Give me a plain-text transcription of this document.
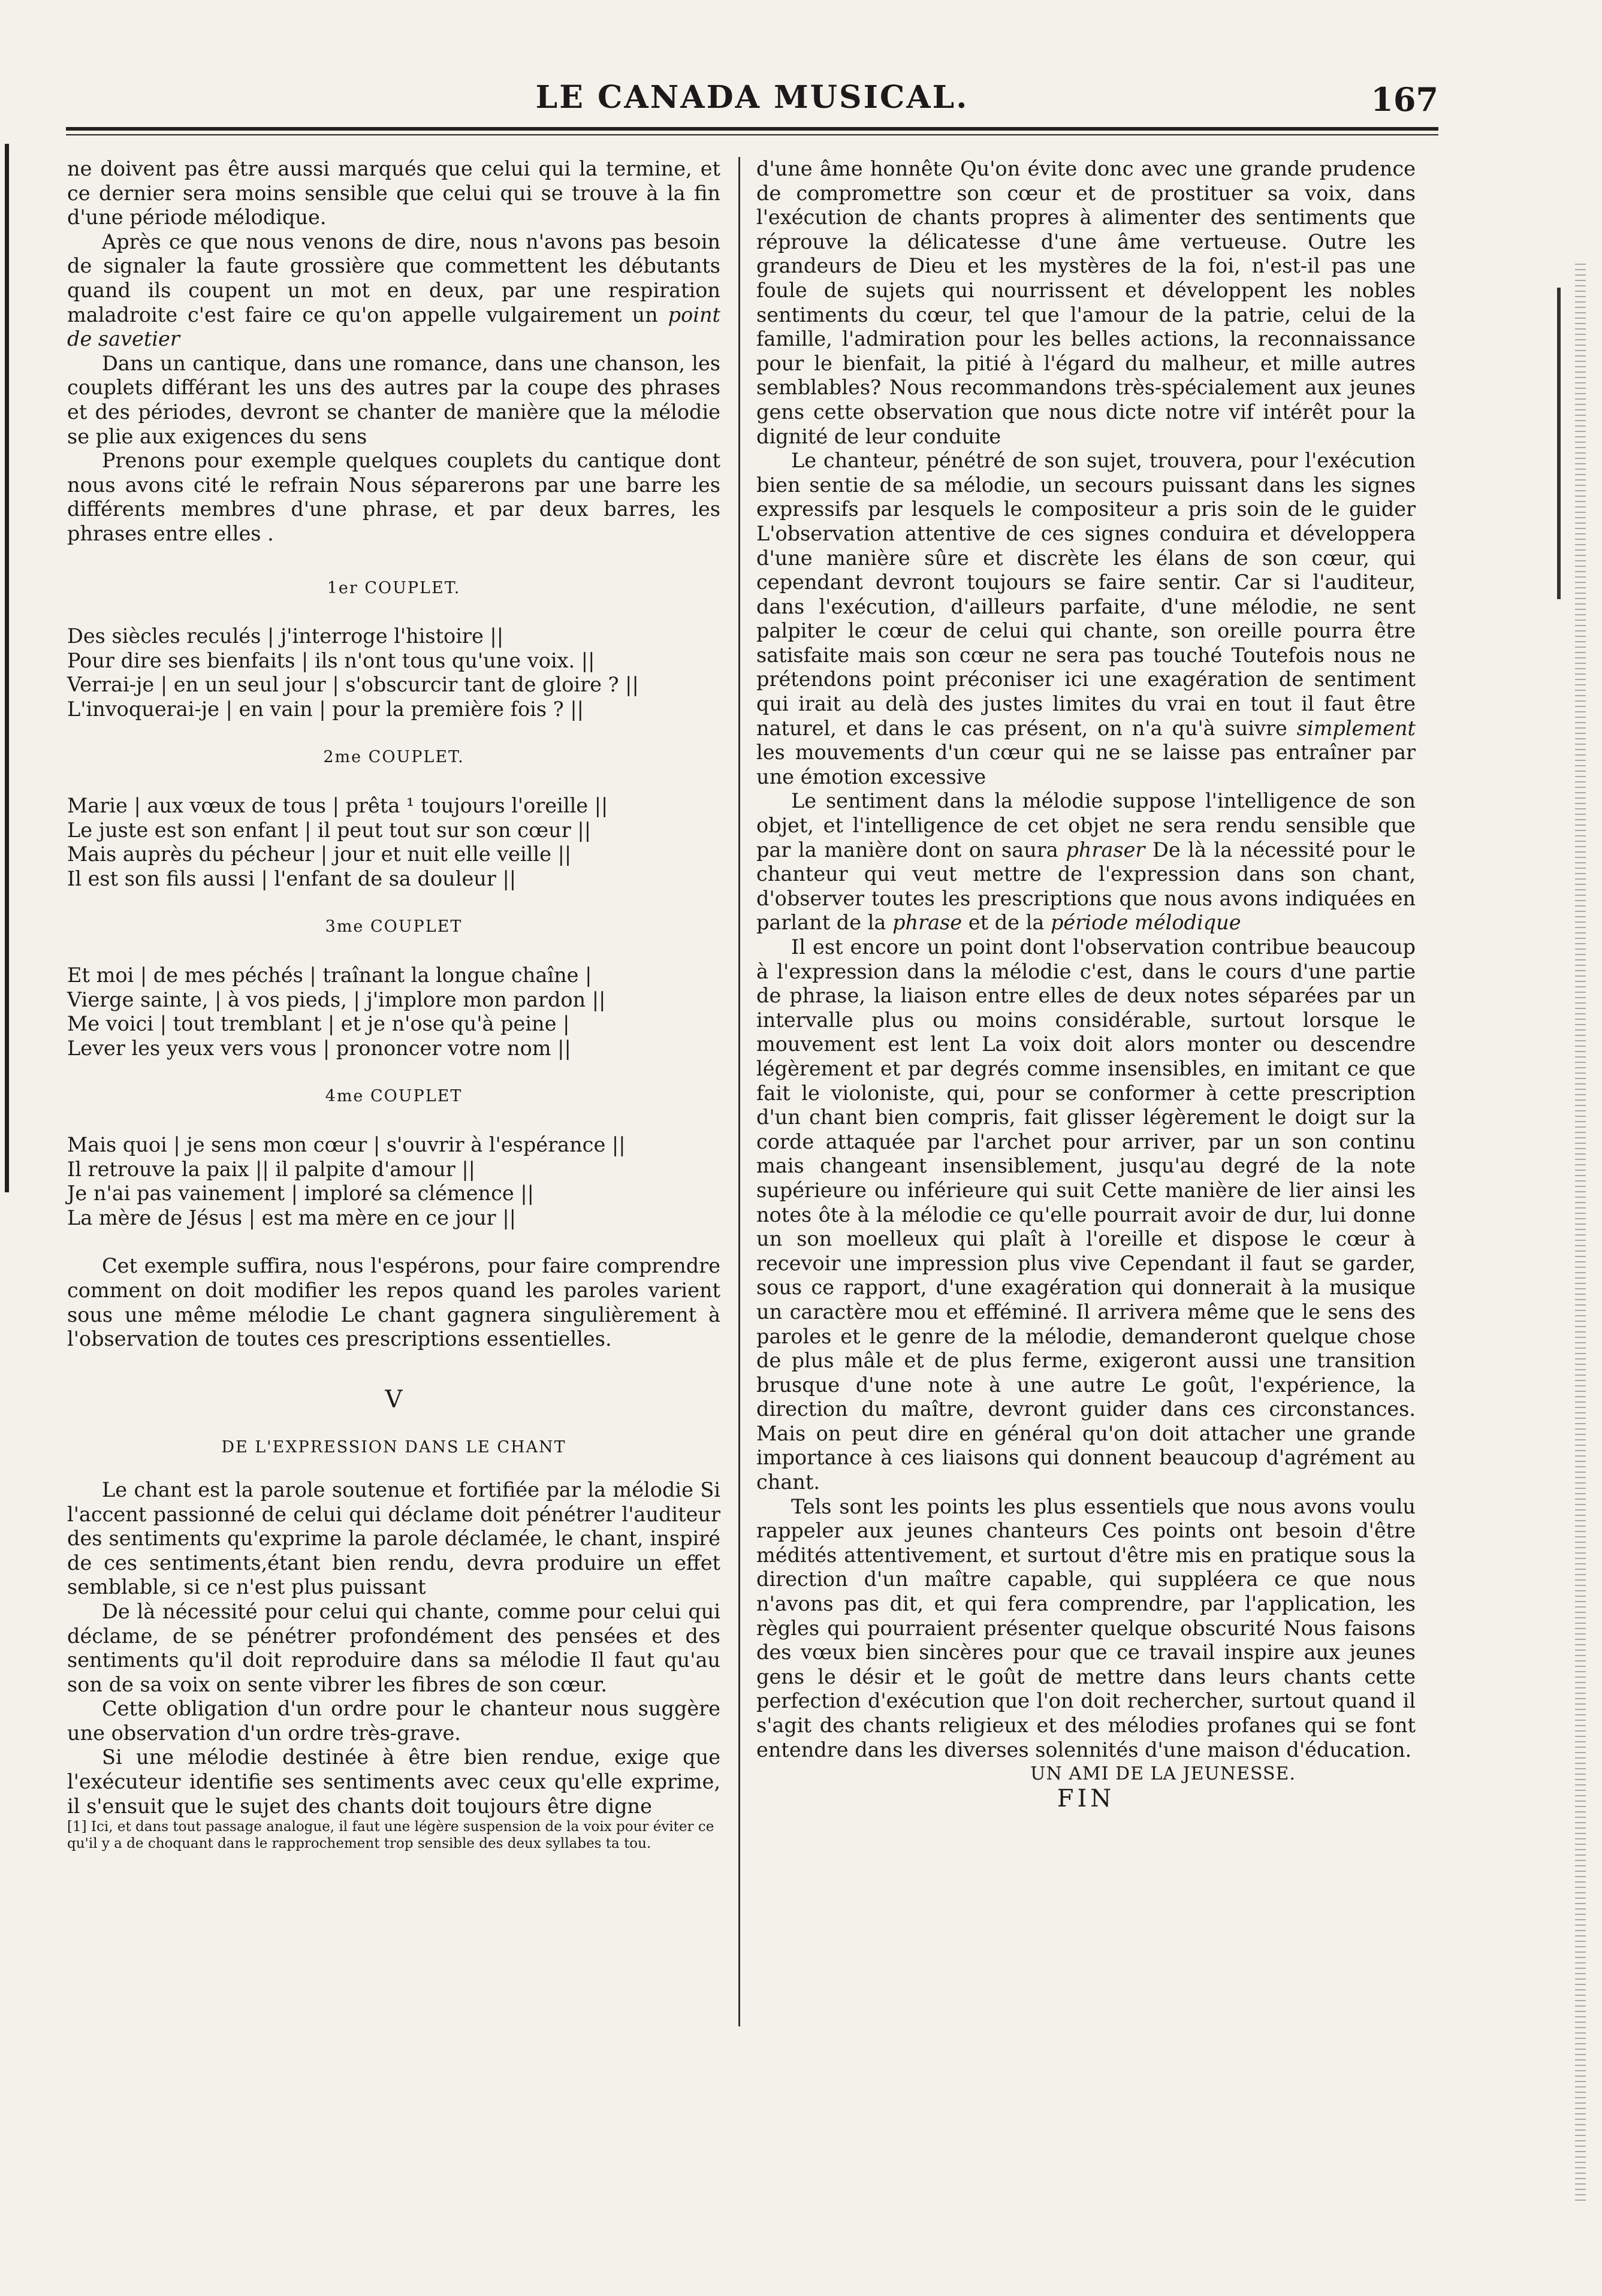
LE CANADA MUSICAL.	167

ne doivent pas être aussi marqués que celui qui la termine, et ce dernier sera moins sensible que celui qui se trouve à la fin d'une période mélodique.

Après ce que nous venons de dire, nous n'avons pas besoin de signaler la faute grossière que commettent les débutants quand ils coupent un mot en deux, par une respiration maladroite c'est faire ce qu'on appelle vulgairement un point de savetier

Dans un cantique, dans une romance, dans une chanson, les couplets différant les uns des autres par la coupe des phrases et des périodes, devront se chanter de manière que la mélodie se plie aux exigences du sens

Prenons pour exemple quelques couplets du cantique dont nous avons cité le refrain Nous séparerons par une barre les différents membres d'une phrase, et par deux barres, les phrases entre elles .

1er COUPLET.

Des siècles reculés | j'interroge l'histoire ||
Pour dire ses bienfaits | ils n'ont tous qu'une voix. ||
Verrai-je | en un seul jour | s'obscurcir tant de gloire ? ||
L'invoquerai-je | en vain | pour la première fois ? ||

2me COUPLET.

Marie | aux vœux de tous | prêta ¹ toujours l'oreille ||
Le juste est son enfant | il peut tout sur son cœur ||
Mais auprès du pécheur | jour et nuit elle veille ||
Il est son fils aussi | l'enfant de sa douleur ||

3me COUPLET

Et moi | de mes péchés | traînant la longue chaîne |
Vierge sainte, | à vos pieds, | j'implore mon pardon ||
Me voici | tout tremblant | et je n'ose qu'à peine |
Lever les yeux vers vous | prononcer votre nom ||

4me COUPLET

Mais quoi | je sens mon cœur | s'ouvrir à l'espérance ||
Il retrouve la paix || il palpite d'amour ||
Je n'ai pas vainement | imploré sa clémence ||
La mère de Jésus | est ma mère en ce jour ||

Cet exemple suffira, nous l'espérons, pour faire comprendre comment on doit modifier les repos quand les paroles varient sous une même mélodie Le chant gagnera singulièrement à l'observation de toutes ces prescriptions essentielles.

V

DE L'EXPRESSION DANS LE CHANT

Le chant est la parole soutenue et fortifiée par la mélodie Si l'accent passionné de celui qui déclame doit pénétrer l'auditeur des sentiments qu'exprime la parole déclamée, le chant, inspiré de ces sentiments,étant bien rendu, devra produire un effet semblable, si ce n'est plus puissant

De là nécessité pour celui qui chante, comme pour celui qui déclame, de se pénétrer profondément des pensées et des sentiments qu'il doit reproduire dans sa mélodie Il faut qu'au son de sa voix on sente vibrer les fibres de son cœur.

Cette obligation d'un ordre pour le chanteur nous suggère une observation d'un ordre très-grave.

Si une mélodie destinée à être bien rendue, exige que l'exécuteur identifie ses sentiments avec ceux qu'elle exprime, il s'ensuit que le sujet des chants doit toujours être digne

[1] Ici, et dans tout passage analogue, il faut une légère suspension de la voix pour éviter ce qu'il y a de choquant dans le rapprochement trop sensible des deux syllabes ta tou.

d'une âme honnête Qu'on évite donc avec une grande prudence de compromettre son cœur et de prostituer sa voix, dans l'exécution de chants propres à alimenter des sentiments que réprouve la délicatesse d'une âme vertueuse. Outre les grandeurs de Dieu et les mystères de la foi, n'est-il pas une foule de sujets qui nourrissent et développent les nobles sentiments du cœur, tel que l'amour de la patrie, celui de la famille, l'admiration pour les belles actions, la reconnaissance pour le bienfait, la pitié à l'égard du malheur, et mille autres semblables? Nous recommandons très-spécialement aux jeunes gens cette observation que nous dicte notre vif intérêt pour la dignité de leur conduite

Le chanteur, pénétré de son sujet, trouvera, pour l'exécution bien sentie de sa mélodie, un secours puissant dans les signes expressifs par lesquels le compositeur a pris soin de le guider L'observation attentive de ces signes conduira et développera d'une manière sûre et discrète les élans de son cœur, qui cependant devront toujours se faire sentir. Car si l'auditeur, dans l'exécution, d'ailleurs parfaite, d'une mélodie, ne sent palpiter le cœur de celui qui chante, son oreille pourra être satisfaite mais son cœur ne sera pas touché Toutefois nous ne prétendons point préconiser ici une exagération de sentiment qui irait au delà des justes limites du vrai en tout il faut être naturel, et dans le cas présent, on n'a qu'à suivre simplement les mouvements d'un cœur qui ne se laisse pas entraîner par une émotion excessive

Le sentiment dans la mélodie suppose l'intelligence de son objet, et l'intelligence de cet objet ne sera rendu sensible que par la manière dont on saura phraser De là la nécessité pour le chanteur qui veut mettre de l'expression dans son chant, d'observer toutes les prescriptions que nous avons indiquées en parlant de la phrase et de la période mélodique

Il est encore un point dont l'observation contribue beaucoup à l'expression dans la mélodie c'est, dans le cours d'une partie de phrase, la liaison entre elles de deux notes séparées par un intervalle plus ou moins considérable, surtout lorsque le mouvement est lent La voix doit alors monter ou descendre légèrement et par degrés comme insensibles, en imitant ce que fait le violoniste, qui, pour se conformer à cette prescription d'un chant bien compris, fait glisser légèrement le doigt sur la corde attaquée par l'archet pour arriver, par un son continu mais changeant insensiblement, jusqu'au degré de la note supérieure ou inférieure qui suit Cette manière de lier ainsi les notes ôte à la mélodie ce qu'elle pourrait avoir de dur, lui donne un son moelleux qui plaît à l'oreille et dispose le cœur à recevoir une impression plus vive Cependant il faut se garder, sous ce rapport, d'une exagération qui donnerait à la musique un caractère mou et efféminé. Il arrivera même que le sens des paroles et le genre de la mélodie, demanderont quelque chose de plus mâle et de plus ferme, exigeront aussi une transition brusque d'une note à une autre Le goût, l'expérience, la direction du maître, devront guider dans ces circonstances. Mais on peut dire en général qu'on doit attacher une grande importance à ces liaisons qui donnent beaucoup d'agrément au chant.

Tels sont les points les plus essentiels que nous avons voulu rappeler aux jeunes chanteurs Ces points ont besoin d'être médités attentivement, et surtout d'être mis en pratique sous la direction d'un maître capable, qui suppléera ce que nous n'avons pas dit, et qui fera comprendre, par l'application, les règles qui pourraient présenter quelque obscurité Nous faisons des vœux bien sincères pour que ce travail inspire aux jeunes gens le désir et le goût de mettre dans leurs chants cette perfection d'exécution que l'on doit rechercher, surtout quand il s'agit des chants religieux et des mélodies profanes qui se font entendre dans les diverses solennités d'une maison d'éducation.

UN AMI DE LA JEUNESSE.

FIN
